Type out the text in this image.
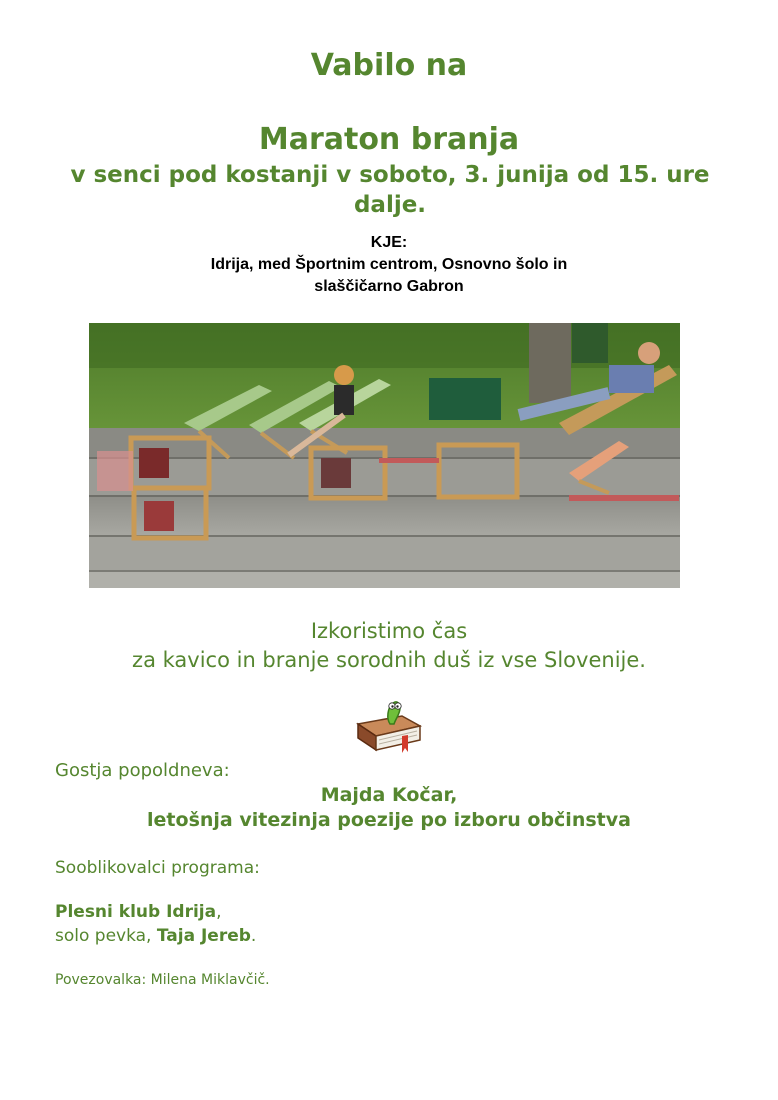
Vabilo na
Maraton branja
v senci pod kostanji v soboto, 3. junija od 15. ure dalje.
KJE:
Idrija, med Športnim centrom, Osnovno šolo in
slaščičarno Gabron
Izkoristimo čas
za kavico in branje sorodnih duš iz vse Slovenije.
Gostja popoldneva:
Majda Kočar,
letošnja vitezinja poezije po izboru občinstva
Sooblikovalci programa:
Plesni klub Idrija,
solo pevka, Taja Jereb.
Povezovalka: Milena Miklavčič.
